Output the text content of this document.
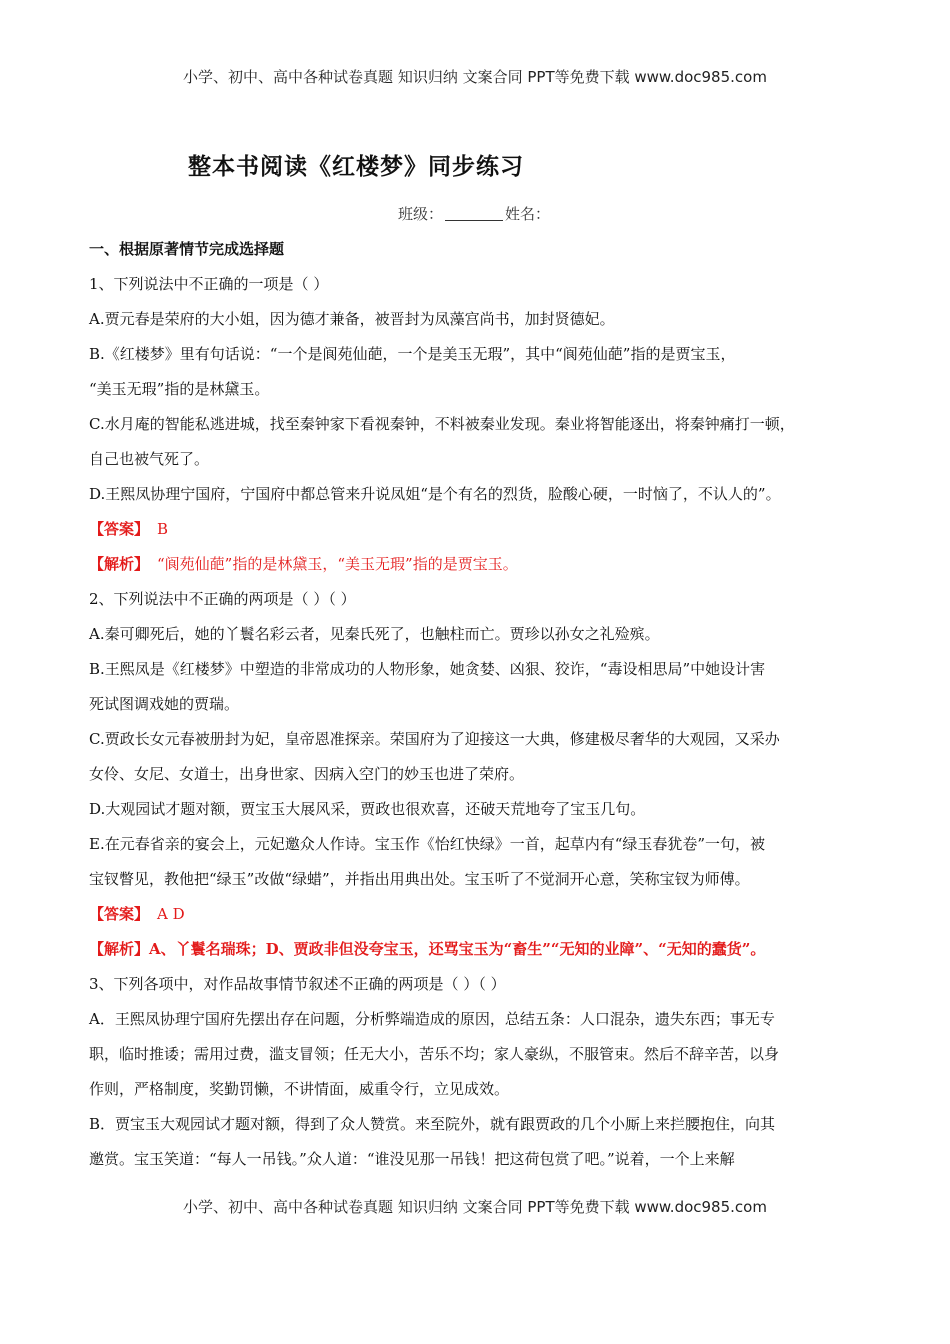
小学、初中、高中各种试卷真题 知识归纳 文案合同 PPT等免费下载 www.doc985.com
整本书阅读《红楼梦》同步练习
班级：	姓名：
一、根据原著情节完成选择题
1、下列说法中不正确的一项是（ ）
A.贾元春是荣府的大小姐，因为德才兼备，被晋封为凤藻宫尚书，加封贤德妃。
B.《红楼梦》里有句话说：“一个是阆苑仙葩，一个是美玉无瑕”，其中“阆苑仙葩”指的是贾宝玉，
“美玉无瑕”指的是林黛玉。
C.水月庵的智能私逃进城，找至秦钟家下看视秦钟，不料被秦业发现。秦业将智能逐出，将秦钟痛打一顿，
自己也被气死了。
D.王熙凤协理宁国府，宁国府中都总管来升说凤姐“是个有名的烈货，脸酸心硬，一时恼了，不认人的”。
【答案】 B
【解析】 “阆苑仙葩”指的是林黛玉，“美玉无瑕”指的是贾宝玉。
2、下列说法中不正确的两项是（ ）（ ）
A.秦可卿死后，她的丫鬟名彩云者，见秦氏死了，也触柱而亡。贾珍以孙女之礼殓殡。
B.王熙凤是《红楼梦》中塑造的非常成功的人物形象，她贪婪、凶狠、狡诈，“毒设相思局”中她设计害
死试图调戏她的贾瑞。
C.贾政长女元春被册封为妃，皇帝恩准探亲。荣国府为了迎接这一大典，修建极尽奢华的大观园，又采办
女伶、女尼、女道士，出身世家、因病入空门的妙玉也进了荣府。
D.大观园试才题对额，贾宝玉大展风采，贾政也很欢喜，还破天荒地夸了宝玉几句。
E.在元春省亲的宴会上，元妃邀众人作诗。宝玉作《怡红快绿》一首，起草内有“绿玉春犹卷”一句，被
宝钗瞥见，教他把“绿玉”改做“绿蜡”，并指出用典出处。宝玉听了不觉洞开心意，笑称宝钗为师傅。
【答案】 A D
【解析】A、丫鬟名瑞珠；D、贾政非但没夸宝玉，还骂宝玉为“畜生”“无知的业障”、“无知的蠢货”。
3、下列各项中，对作品故事情节叙述不正确的两项是（ ）（ ）
A．王熙凤协理宁国府先摆出存在问题，分析弊端造成的原因，总结五条：人口混杂，遗失东西；事无专
职，临时推诿；需用过费，滥支冒领；任无大小，苦乐不均；家人豪纵，不服管束。然后不辞辛苦，以身
作则，严格制度，奖勤罚懒，不讲情面，威重令行，立见成效。
B．贾宝玉大观园试才题对额，得到了众人赞赏。来至院外，就有跟贾政的几个小厮上来拦腰抱住，向其
邀赏。宝玉笑道：“每人一吊钱。”众人道：“谁没见那一吊钱！把这荷包赏了吧。”说着，一个上来解
小学、初中、高中各种试卷真题 知识归纳 文案合同 PPT等免费下载 www.doc985.com
